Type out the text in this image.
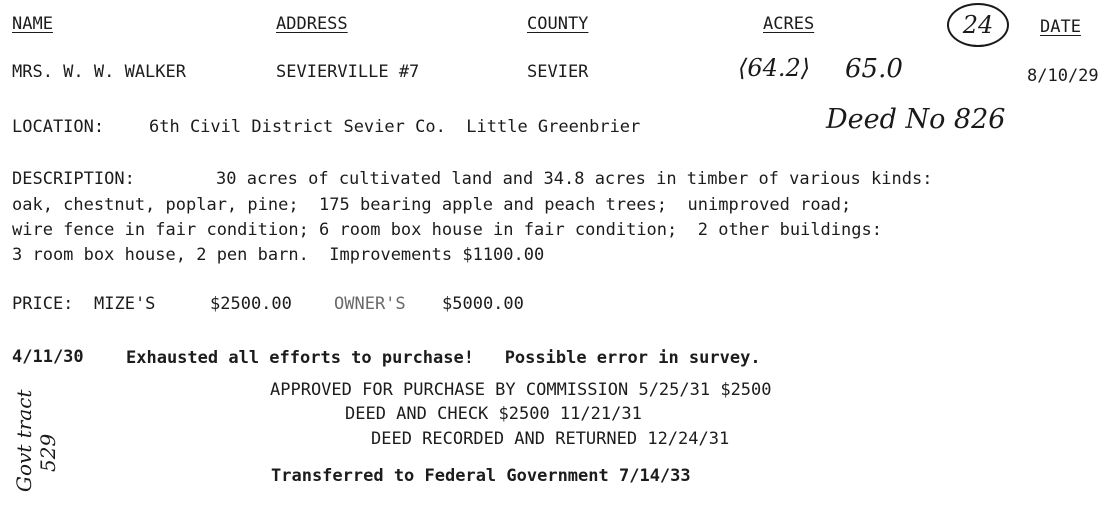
NAME	ADDRESS	COUNTY	ACRES	24	DATE
MRS. W. W. WALKER	SEVIERVILLE #7	SEVIER	⟨64.2⟩ 65.0	8/10/29
LOCATION:	6th Civil District Sevier Co.  Little Greenbrier	Deed No 826
DESCRIPTION:	30 acres of cultivated land and 34.8 acres in timber of various kinds:
oak, chestnut, poplar, pine;  175 bearing apple and peach trees;  unimproved road;
wire fence in fair condition; 6 room box house in fair condition;  2 other buildings:
3 room box house, 2 pen barn.  Improvements $1100.00
PRICE: MIZE'S	$2500.00 OWNER'S $5000.00
4/11/30 Exhausted all efforts to purchase!   Possible error in survey.
APPROVED FOR PURCHASE BY COMMISSION 5/25/31 $2500
DEED AND CHECK $2500 11/21/31
DEED RECORDED AND RETURNED 12/24/31
Transferred to Federal Government 7/14/33
Govt tract
529
